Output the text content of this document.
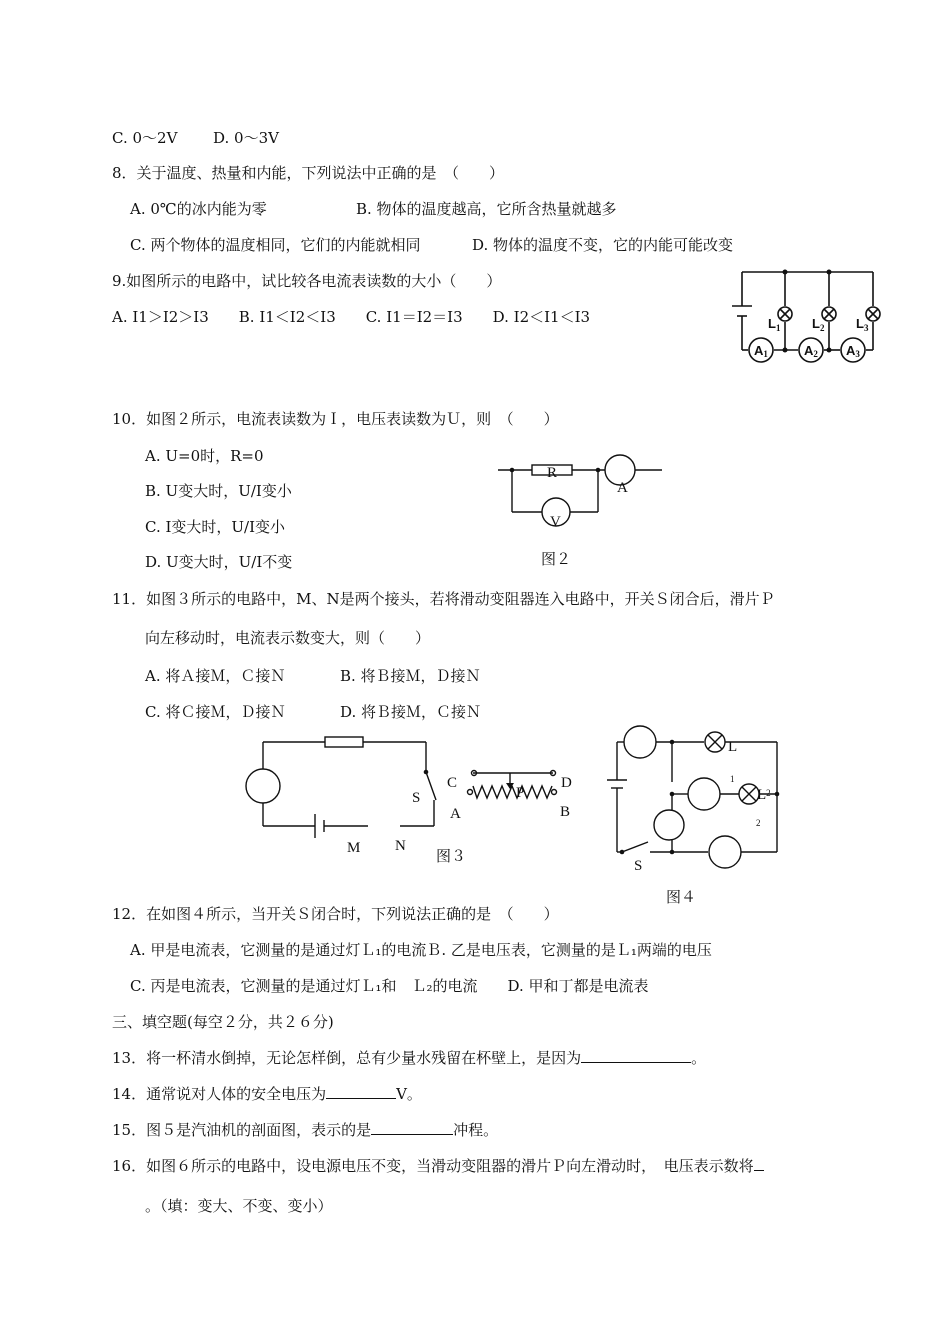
C. 0～2V D. 0～3V
8．关于温度、热量和内能，下列说法中正确的是　（　　）
A. 0℃的冰内能为零	B. 物体的温度越高，它所含热量就越多
C. 两个物体的温度相同，它们的内能就相同	D. 物体的温度不变，它的内能可能改变
9.如图所示的电路中，试比较各电流表读数的大小（　　）
A. I1＞I2＞I3　　B. I1＜I2＜I3　　C. I1＝I2＝I3　　D. I2＜I1＜I3	$L_1$ $L_2$ $L_3$
A1	A2 A3
10．如图２所示，电流表读数为Ｉ，电压表读数为Ｕ，则　（　　）
A. U=0时，R=0
B. U变大时，U/I变小
C. I变大时，U/I变小
D. U变大时，U/I不变
R
A
V
图２
11．如图３所示的电路中，M、N是两个接头，若将滑动变阻器连入电路中，开关Ｓ闭合后，滑片Ｐ
向左移动时，电流表示数变大，则（　　）
A. 将Ａ接Ｍ，Ｃ接Ｎ	B. 将Ｂ接Ｍ，Ｄ接Ｎ
C. 将Ｃ接Ｍ，Ｄ接Ｎ	D. 将Ｂ接Ｍ，Ｃ接Ｎ
S
M N
C	D
A	B
P
图３
L
1
$L^2$
2
S
图４
12．在如图４所示，当开关Ｓ闭合时，下列说法正确的是　（　　）
A. 甲是电流表，它测量的是通过灯Ｌ₁的电流Ｂ. 乙是电压表，它测量的是Ｌ₁两端的电压
C. 丙是电流表，它测量的是通过灯Ｌ₁和　Ｌ₂的电流　　D. 甲和丁都是电流表
三、填空题(每空２分，共２６分)
13．将一杯清水倒掉，无论怎样倒，总有少量水残留在杯壁上，是因为	。
14．通常说对人体的安全电压为	V。
15．图５是汽油机的剖面图，表示的是	冲程。
16．如图６所示的电路中，设电源电压不变，当滑动变阻器的滑片Ｐ向左滑动时，　电压表示数将
。（填：变大、不变、变小）
